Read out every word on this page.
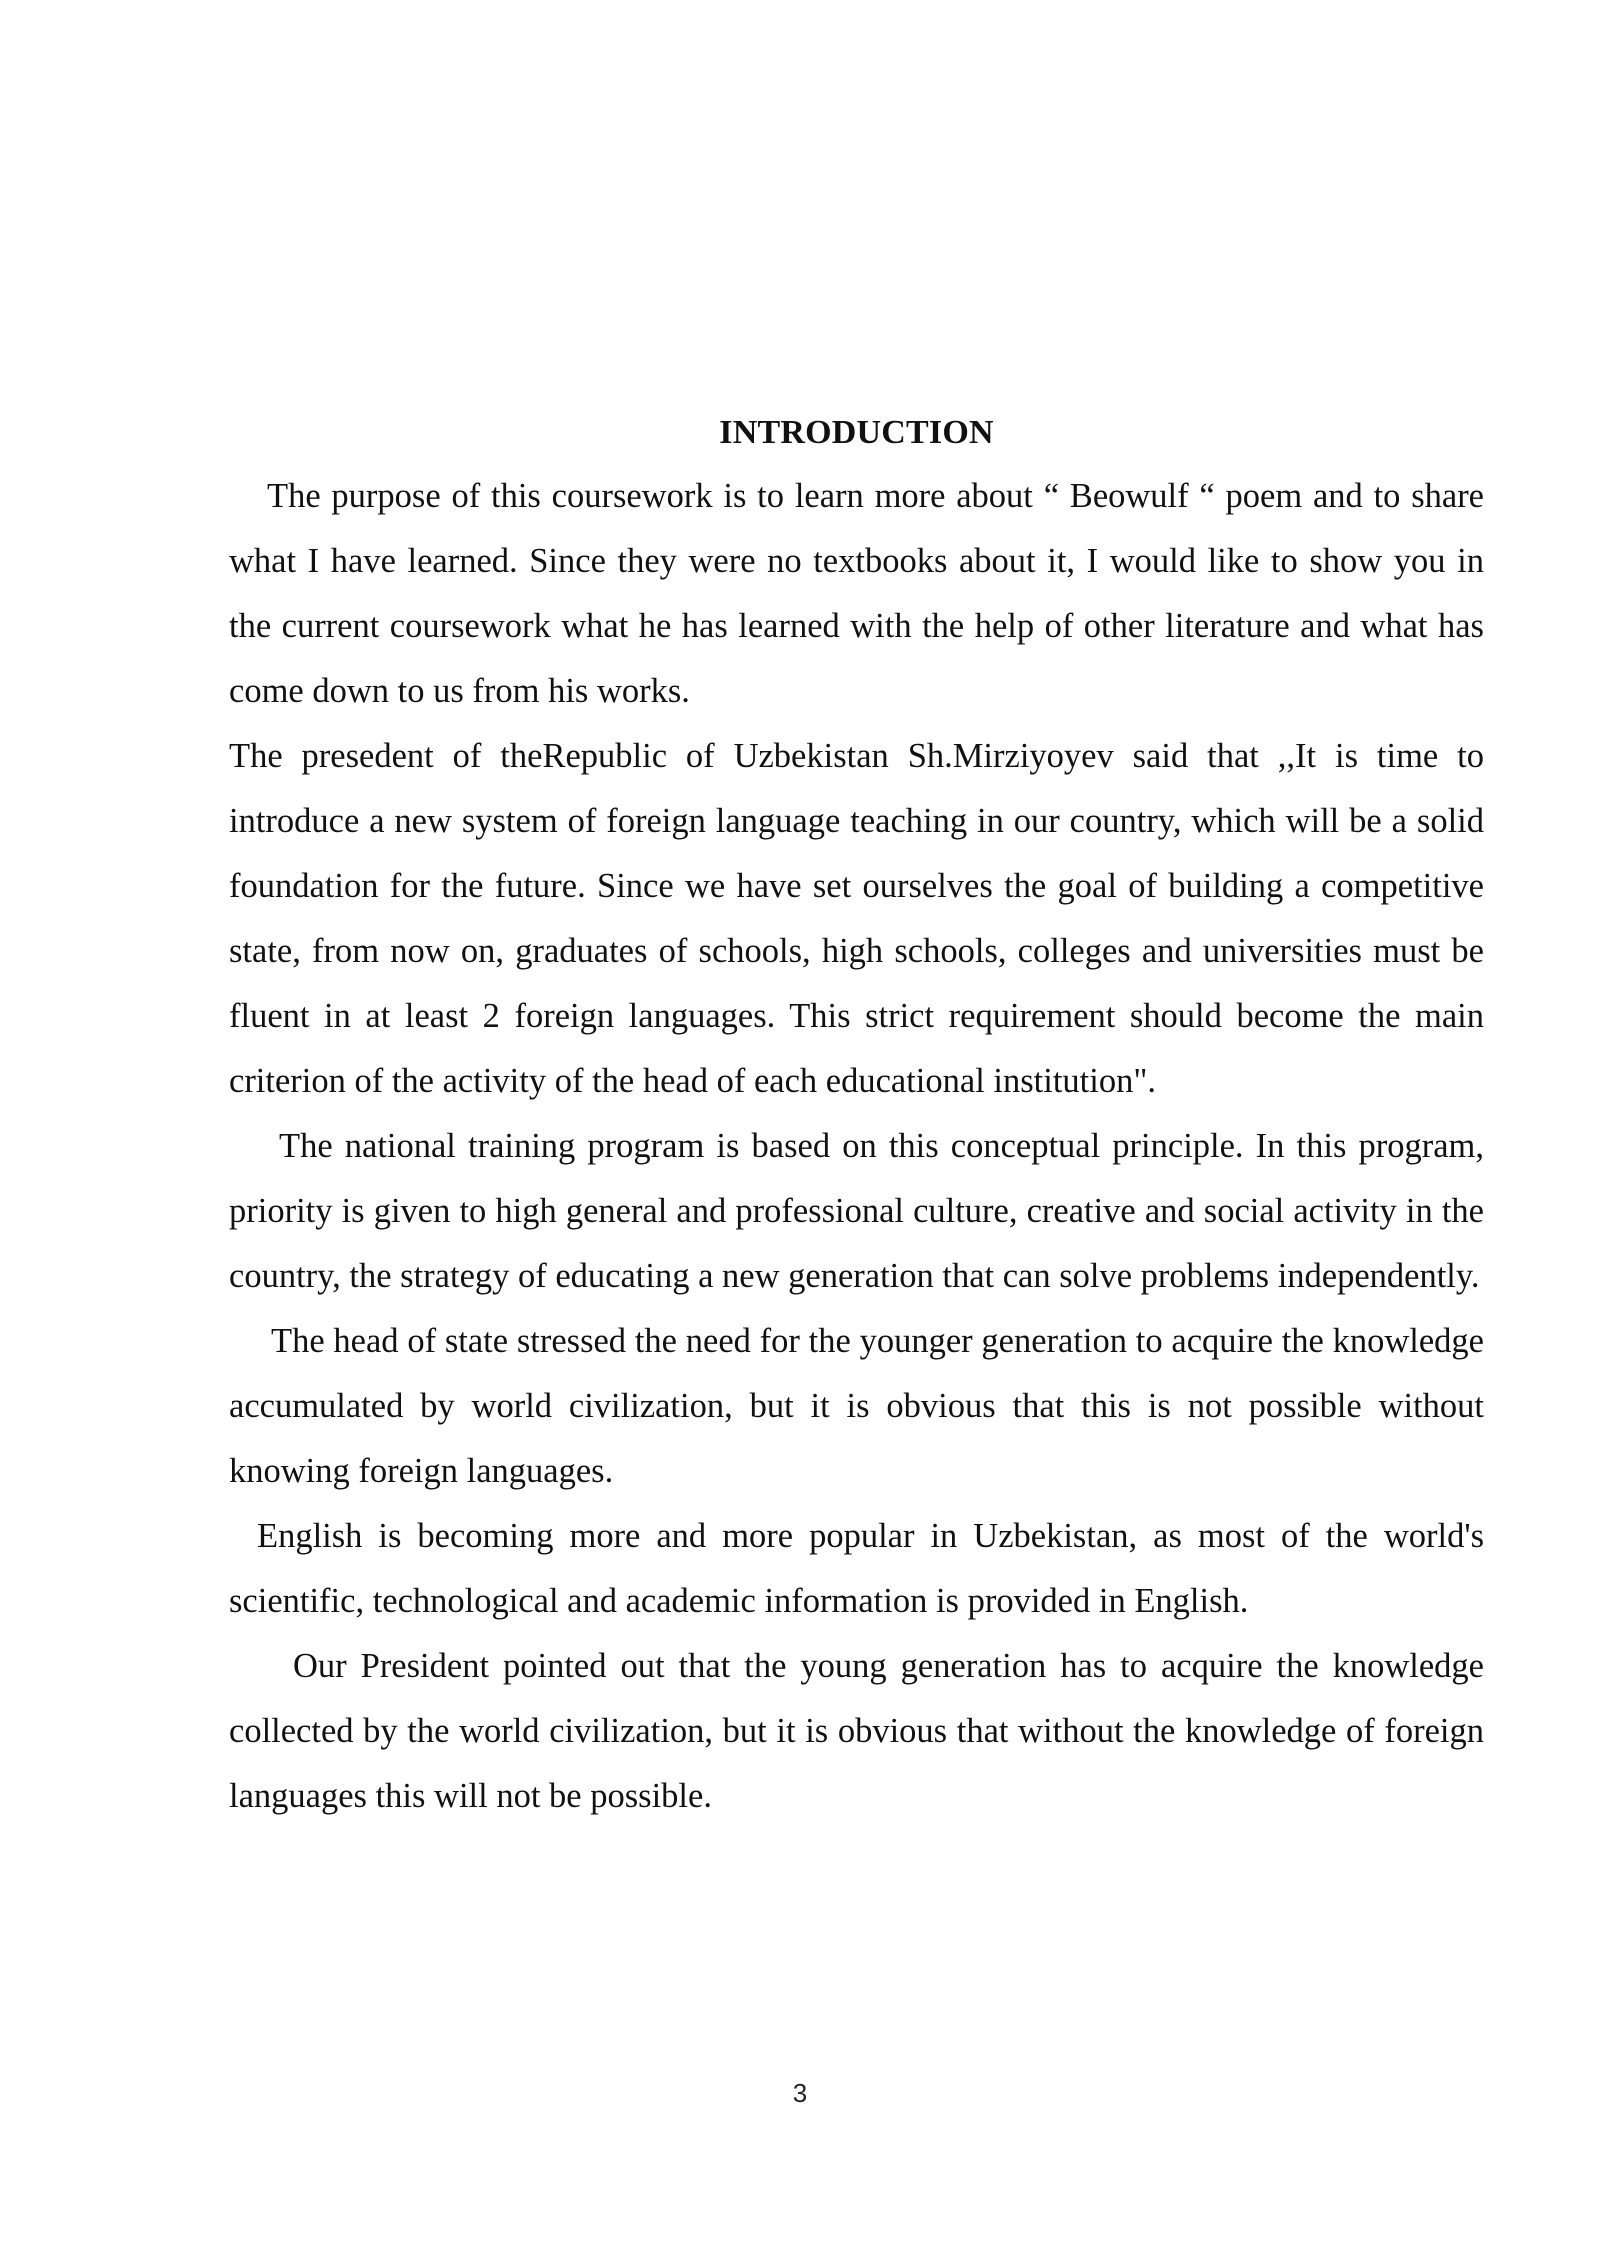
INTRODUCTION

The purpose of this coursework is to learn more about “ Beowulf “ poem and to share what I have learned. Since they were no textbooks about it, I would like to show you in the current coursework what he has learned with the help of other literature and what has come down to us from his works.

The presedent of theRepublic of Uzbekistan Sh.Mirziyoyev said that ,,It is time to introduce a new system of foreign language teaching in our country, which will be a solid foundation for the future. Since we have set ourselves the goal of building a competitive state, from now on, graduates of schools, high schools, colleges and universities must be fluent in at least 2 foreign languages. This strict requirement should become the main criterion of the activity of the head of each educational institution".

The national training program is based on this conceptual principle. In this program, priority is given to high general and professional culture, creative and social activity in the country, the strategy of educating a new generation that can solve problems independently.

The head of state stressed the need for the younger generation to acquire the knowledge accumulated by world civilization, but it is obvious that this is not possible without knowing foreign languages.

English is becoming more and more popular in Uzbekistan, as most of the world's scientific, technological and academic information is provided in English.

Our President pointed out that the young generation has to acquire the knowledge collected by the world civilization, but it is obvious that without the knowledge of foreign languages this will not be possible.

3
